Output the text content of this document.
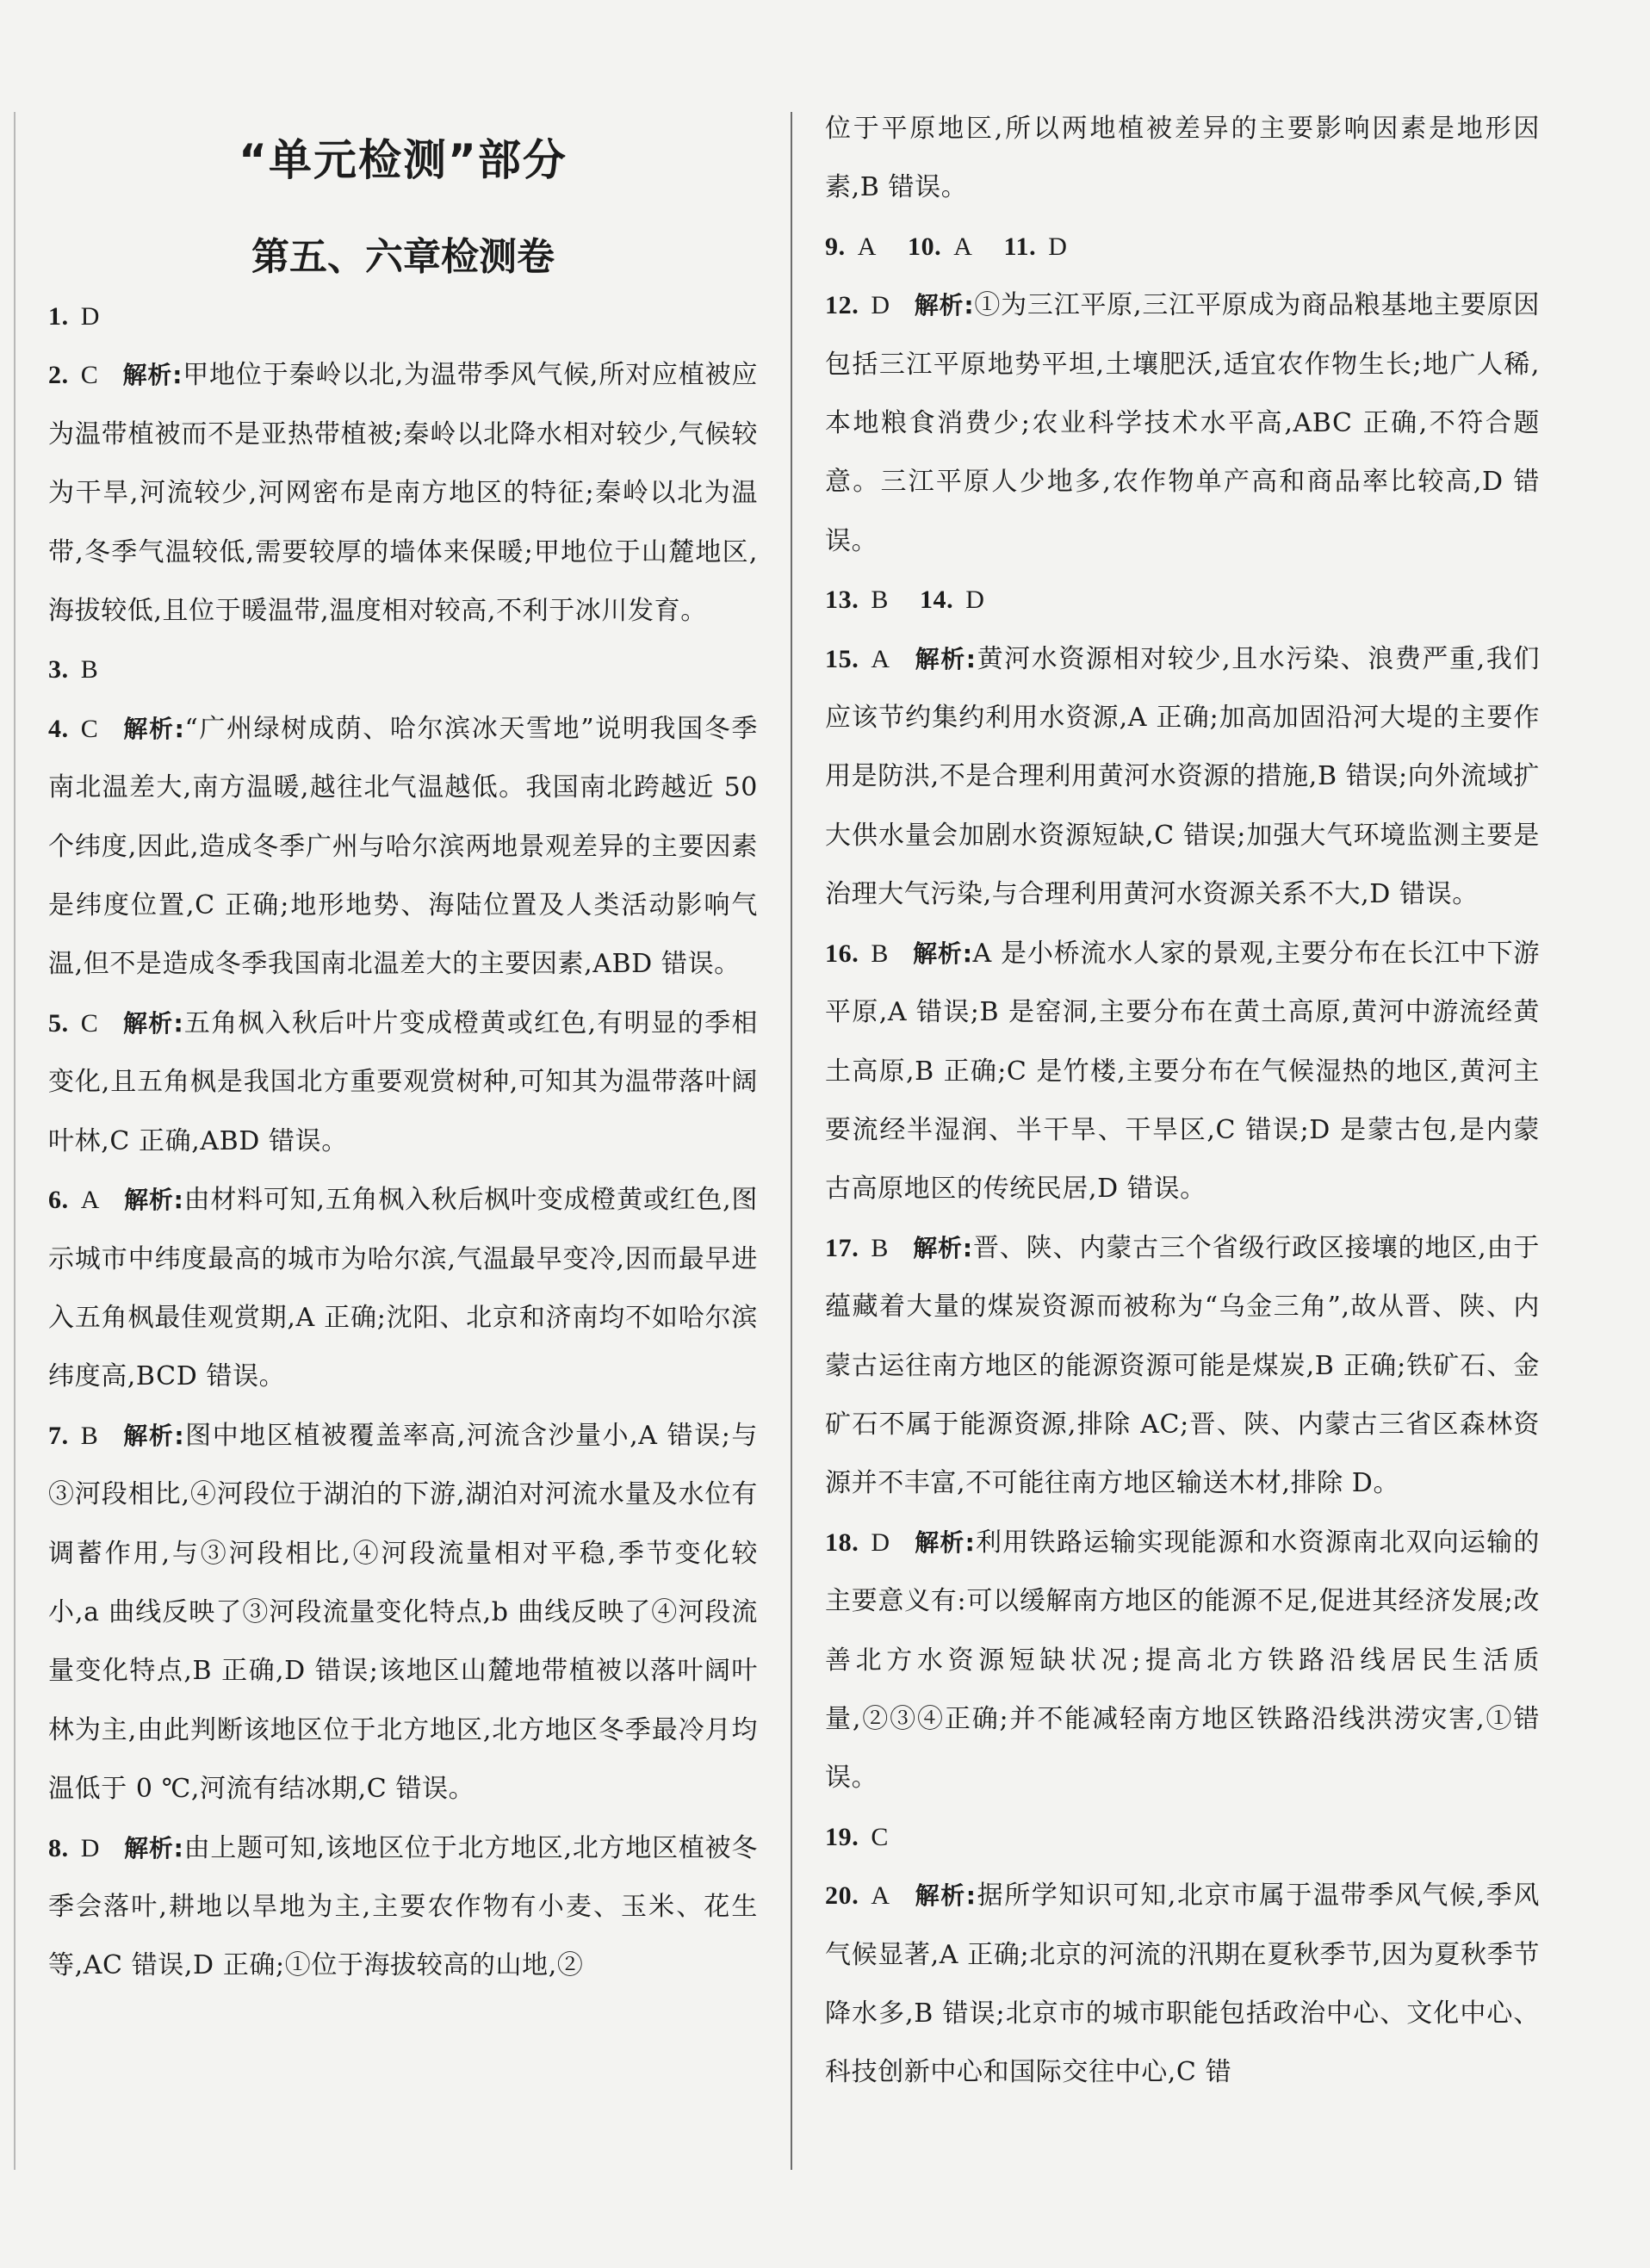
“单元检测”部分
第五、六章检测卷
1. D
2. C 解析:甲地位于秦岭以北,为温带季风气候,所对应植被应为温带植被而不是亚热带植被;秦岭以北降水相对较少,气候较为干旱,河流较少,河网密布是南方地区的特征;秦岭以北为温带,冬季气温较低,需要较厚的墙体来保暖;甲地位于山麓地区,海拔较低,且位于暖温带,温度相对较高,不利于冰川发育。
3. B
4. C 解析:“广州绿树成荫、哈尔滨冰天雪地”说明我国冬季南北温差大,南方温暖,越往北气温越低。我国南北跨越近 50 个纬度,因此,造成冬季广州与哈尔滨两地景观差异的主要因素是纬度位置,C 正确;地形地势、海陆位置及人类活动影响气温,但不是造成冬季我国南北温差大的主要因素,ABD 错误。
5. C 解析:五角枫入秋后叶片变成橙黄或红色,有明显的季相变化,且五角枫是我国北方重要观赏树种,可知其为温带落叶阔叶林,C 正确,ABD 错误。
6. A 解析:由材料可知,五角枫入秋后枫叶变成橙黄或红色,图示城市中纬度最高的城市为哈尔滨,气温最早变冷,因而最早进入五角枫最佳观赏期,A 正确;沈阳、北京和济南均不如哈尔滨纬度高,BCD 错误。
7. B 解析:图中地区植被覆盖率高,河流含沙量小,A 错误;与③河段相比,④河段位于湖泊的下游,湖泊对河流水量及水位有调蓄作用,与③河段相比,④河段流量相对平稳,季节变化较小,a 曲线反映了③河段流量变化特点,b 曲线反映了④河段流量变化特点,B 正确,D 错误;该地区山麓地带植被以落叶阔叶林为主,由此判断该地区位于北方地区,北方地区冬季最冷月均温低于 0 ℃,河流有结冰期,C 错误。
8. D 解析:由上题可知,该地区位于北方地区,北方地区植被冬季会落叶,耕地以旱地为主,主要农作物有小麦、玉米、花生等,AC 错误,D 正确;①位于海拔较高的山地,②
位于平原地区,所以两地植被差异的主要影响因素是地形因素,B 错误。
9. A 10. A 11. D
12. D 解析:①为三江平原,三江平原成为商品粮基地主要原因包括三江平原地势平坦,土壤肥沃,适宜农作物生长;地广人稀,本地粮食消费少;农业科学技术水平高,ABC 正确,不符合题意。三江平原人少地多,农作物单产高和商品率比较高,D 错误。
13. B 14. D
15. A 解析:黄河水资源相对较少,且水污染、浪费严重,我们应该节约集约利用水资源,A 正确;加高加固沿河大堤的主要作用是防洪,不是合理利用黄河水资源的措施,B 错误;向外流域扩大供水量会加剧水资源短缺,C 错误;加强大气环境监测主要是治理大气污染,与合理利用黄河水资源关系不大,D 错误。
16. B 解析:A 是小桥流水人家的景观,主要分布在长江中下游平原,A 错误;B 是窑洞,主要分布在黄土高原,黄河中游流经黄土高原,B 正确;C 是竹楼,主要分布在气候湿热的地区,黄河主要流经半湿润、半干旱、干旱区,C 错误;D 是蒙古包,是内蒙古高原地区的传统民居,D 错误。
17. B 解析:晋、陕、内蒙古三个省级行政区接壤的地区,由于蕴藏着大量的煤炭资源而被称为“乌金三角”,故从晋、陕、内蒙古运往南方地区的能源资源可能是煤炭,B 正确;铁矿石、金矿石不属于能源资源,排除 AC;晋、陕、内蒙古三省区森林资源并不丰富,不可能往南方地区输送木材,排除 D。
18. D 解析:利用铁路运输实现能源和水资源南北双向运输的主要意义有:可以缓解南方地区的能源不足,促进其经济发展;改善北方水资源短缺状况;提高北方铁路沿线居民生活质量,②③④正确;并不能减轻南方地区铁路沿线洪涝灾害,①错误。
19. C
20. A 解析:据所学知识可知,北京市属于温带季风气候,季风气候显著,A 正确;北京的河流的汛期在夏秋季节,因为夏秋季节降水多,B 错误;北京市的城市职能包括政治中心、文化中心、科技创新中心和国际交往中心,C 错
